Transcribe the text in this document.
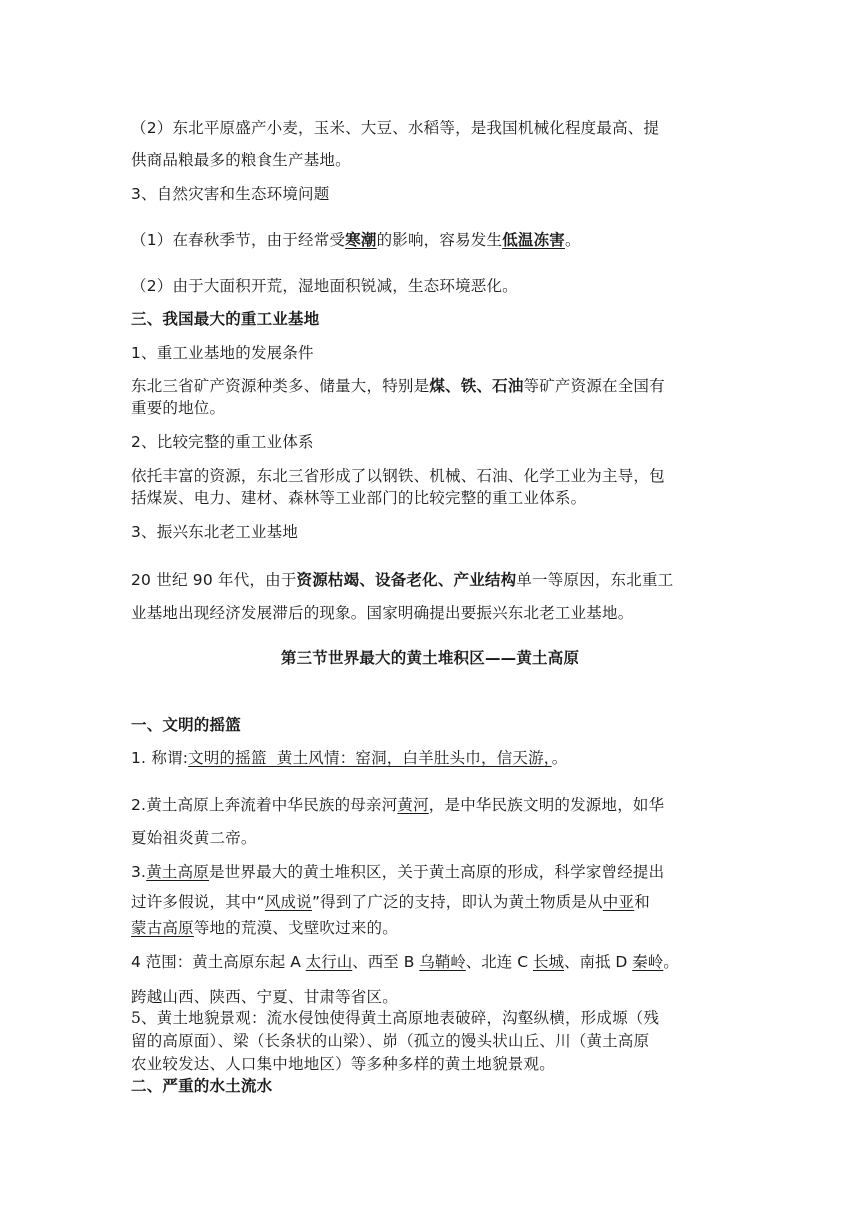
（2）东北平原盛产小麦，玉米、大豆、水稻等，是我国机械化程度最高、提
供商品粮最多的粮食生产基地。
3、自然灾害和生态环境问题
（1）在春秋季节，由于经常受寒潮的影响，容易发生低温冻害。
（2）由于大面积开荒，湿地面积锐减，生态环境恶化。
三、我国最大的重工业基地
1、重工业基地的发展条件
东北三省矿产资源种类多、储量大，特别是煤、铁、石油等矿产资源在全国有
重要的地位。
2、比较完整的重工业体系
依托丰富的资源，东北三省形成了以钢铁、机械、石油、化学工业为主导，包
括煤炭、电力、建材、森林等工业部门的比较完整的重工业体系。
3、振兴东北老工业基地
20 世纪 90 年代，由于资源枯竭、设备老化、产业结构单一等原因，东北重工
业基地出现经济发展滞后的现象。国家明确提出要振兴东北老工业基地。
第三节世界最大的黄土堆积区——黄土高原
一、文明的摇篮
1. 称谓:文明的摇篮  黄土风情：窑洞，白羊肚头巾，信天游，。
2.黄土高原上奔流着中华民族的母亲河黄河，是中华民族文明的发源地，如华
夏始祖炎黄二帝。
3.黄土高原是世界最大的黄土堆积区，关于黄土高原的形成，科学家曾经提出
过许多假说，其中“风成说”得到了广泛的支持，即认为黄土物质是从中亚和
蒙古高原等地的荒漠、戈壁吹过来的。
4 范围：黄土高原东起 A 太行山、西至 B 乌鞘岭、北连 C 长城、南抵 D 秦岭。
跨越山西、陕西、宁夏、甘肃等省区。
5、黄土地貌景观：流水侵蚀使得黄土高原地表破碎，沟壑纵横，形成塬（残
留的高原面）、梁（长条状的山梁）、峁（孤立的馒头状山丘、川（黄土高原
农业较发达、人口集中地地区）等多种多样的黄土地貌景观。
二、严重的水土流水
